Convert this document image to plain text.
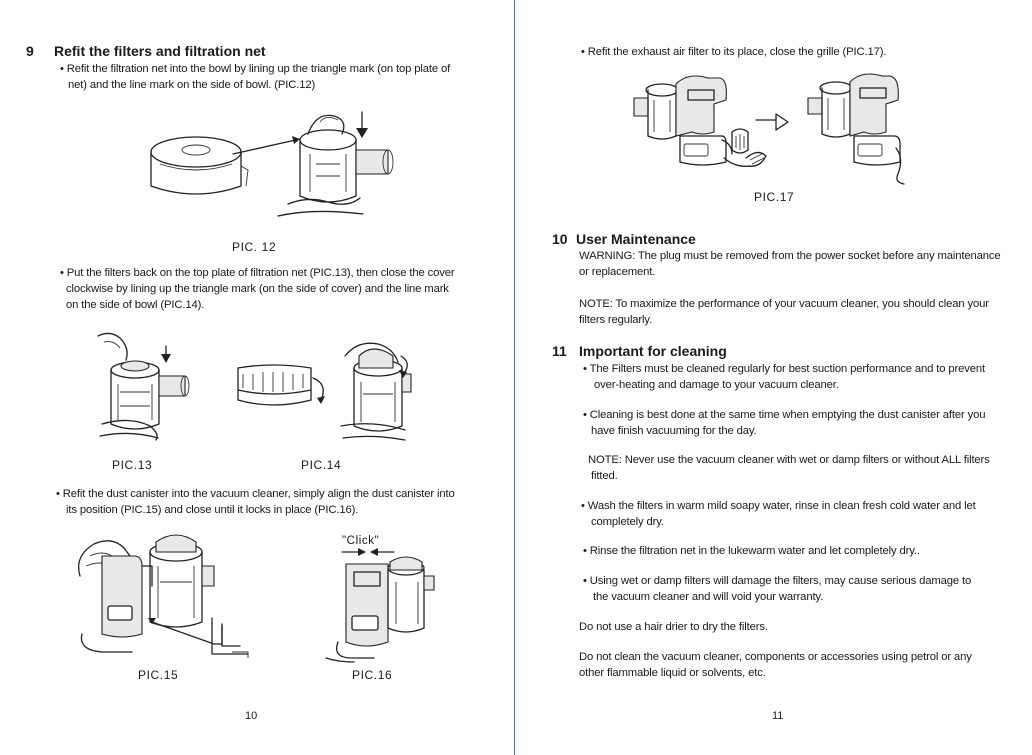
9 Refit the filters and filtration net
• Refit the filtration net into the bowl by lining up the triangle mark (on top plate of
net) and the line mark on the side of bowl. (PIC.12)
PIC. 12
• Put the filters back on the top plate of filtration net (PIC.13), then close the cover
clockwise by lining up the triangle mark (on the side of cover) and the line mark
on the side of bowl (PIC.14).
PIC.13	PIC.14
• Refit the dust canister into the vacuum cleaner, simply align the dust canister into
its position (PIC.15) and close until it locks in place (PIC.16).
PIC.15
"Click"
PIC.16
10
• Refit the exhaust air filter to its place, close the grille (PIC.17).
PIC.17
10 User Maintenance
WARNING: The plug must be removed from the power socket before any maintenance
or replacement.
NOTE: To maximize the performance of your vacuum cleaner, you should clean your
filters regularly.
11 Important for cleaning
• The Filters must be cleaned regularly for best suction performance and to prevent
over-heating and damage to your vacuum cleaner.
• Cleaning is best done at the same time when emptying the dust canister after you
have finish vacuuming for the day.
NOTE: Never use the vacuum cleaner with wet or damp filters or without ALL filters
fitted.
• Wash the filters in warm mild soapy water, rinse in clean fresh cold water and let
completely dry.
• Rinse the filtration net in the lukewarm water and let completely dry..
• Using wet or damp filters will damage the filters, may cause serious damage to
the vacuum cleaner and will void your warranty.
Do not use a hair drier to dry the filters.
Do not clean the vacuum cleaner, components or accessories using petrol or any
other flammable liquid or solvents, etc.
11
